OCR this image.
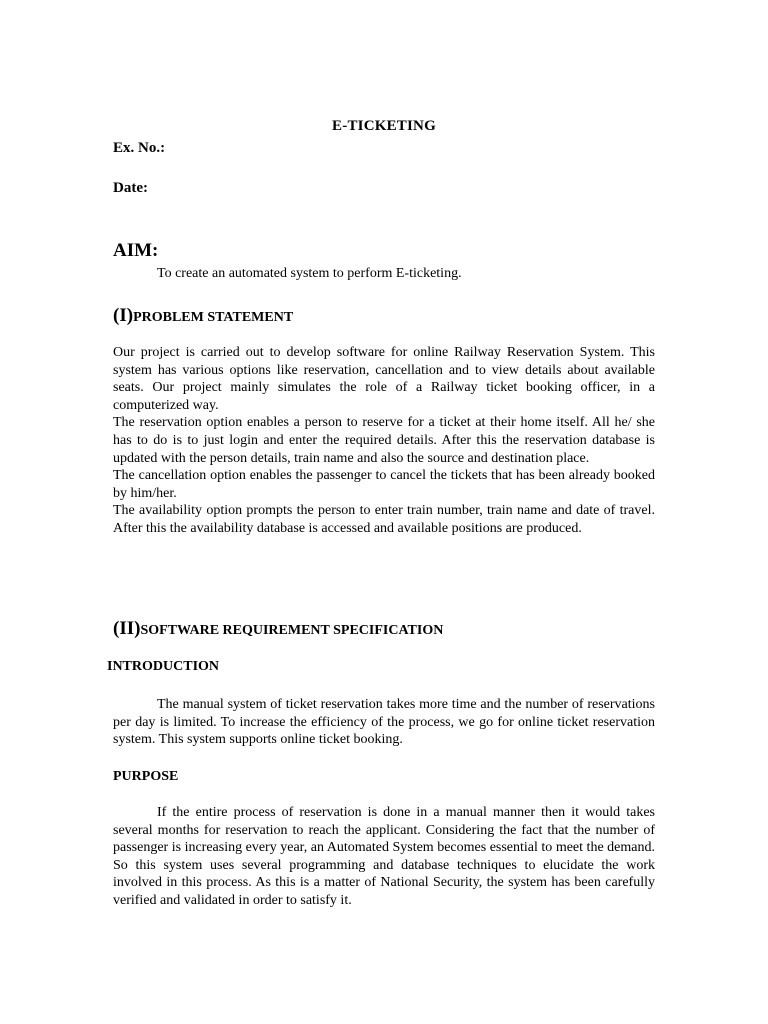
E-TICKETING
Ex. No.:
Date:
AIM:
To create an automated system to perform E-ticketing.
(I)PROBLEM STATEMENT

Our project is carried out to develop software for online Railway Reservation System. This system has various options like reservation, cancellation and to view details about available seats. Our project mainly simulates the role of a Railway ticket booking officer, in a computerized way.

The reservation option enables a person to reserve for a ticket at their home itself. All he/ she has to do is to just login and enter the required details. After this the reservation database is updated with the person details, train name and also the source and destination place.

The cancellation option enables the passenger to cancel the tickets that has been already booked by him/her.

The availability option prompts the person to enter train number, train name and date of travel. After this the availability database is accessed and available positions are produced.

(II)SOFTWARE REQUIREMENT SPECIFICATION
INTRODUCTION

The manual system of ticket reservation takes more time and the number of reservations per day is limited. To increase the efficiency of the process, we go for online ticket reservation system. This system supports online ticket booking.

PURPOSE

If the entire process of reservation is done in a manual manner then it would takes several months for reservation to reach the applicant. Considering the fact that the number of passenger is increasing every year, an Automated System becomes essential to meet the demand. So this system uses several programming and database techniques to elucidate the work involved in this process. As this is a matter of National Security, the system has been carefully verified and validated in order to satisfy it.
